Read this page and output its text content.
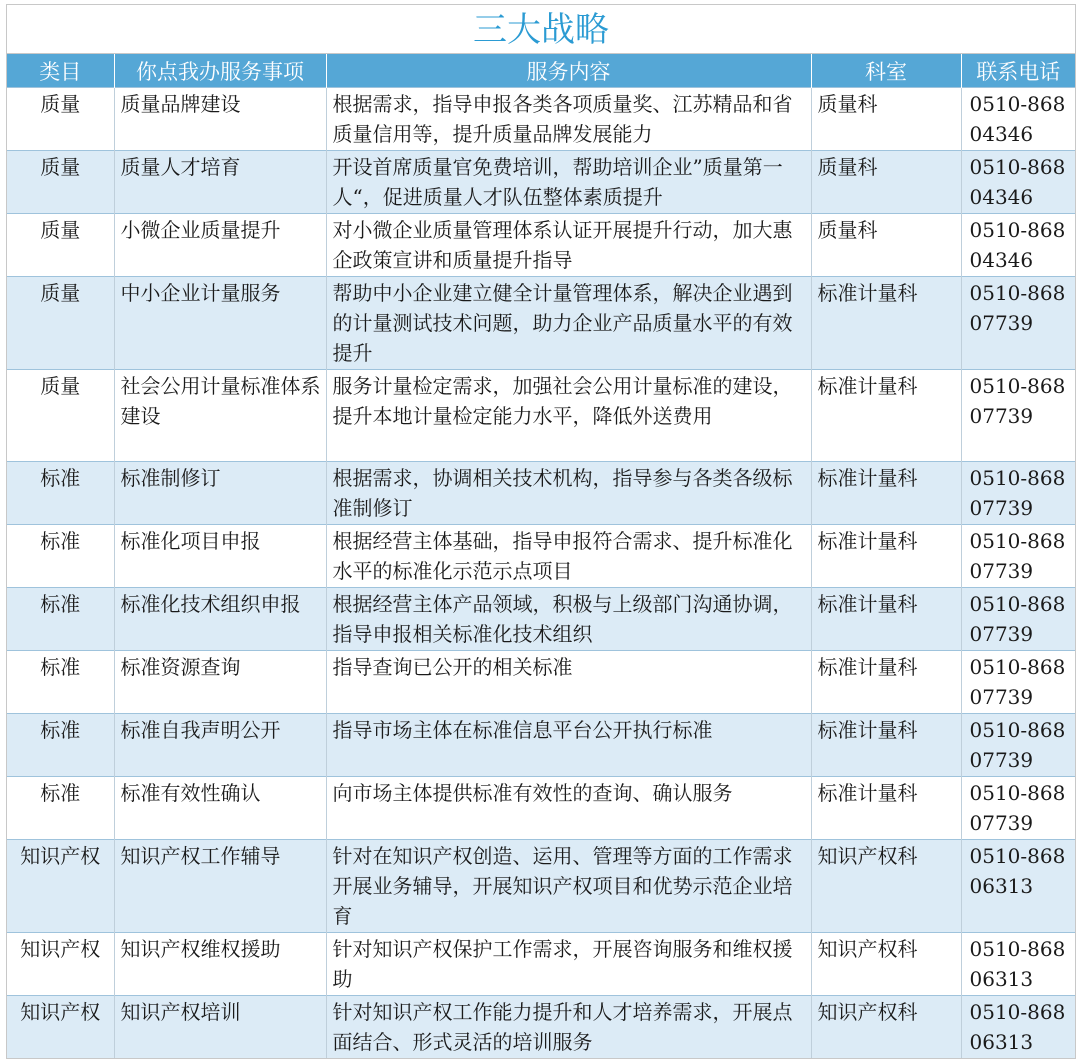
三大战略
类目	你点我办服务事项	服务内容	科室	联系电话
质量	质量品牌建设	根据需求，指导申报各类各项质量奖、江苏精品和省质量信用等，提升质量品牌发展能力	质量科	0510-86804346
质量	质量人才培育	开设首席质量官免费培训，帮助培训企业”质量第一人“，促进质量人才队伍整体素质提升	质量科	0510-86804346
质量	小微企业质量提升	对小微企业质量管理体系认证开展提升行动，加大惠企政策宣讲和质量提升指导	质量科	0510-86804346
质量	中小企业计量服务	帮助中小企业建立健全计量管理体系，解决企业遇到的计量测试技术问题，助力企业产品质量水平的有效提升	标准计量科	0510-86807739
质量	社会公用计量标准体系建设	服务计量检定需求，加强社会公用计量标准的建设，提升本地计量检定能力水平，降低外送费用	标准计量科	0510-86807739
标准	标准制修订	根据需求，协调相关技术机构，指导参与各类各级标准制修订	标准计量科	0510-86807739
标准	标准化项目申报	根据经营主体基础，指导申报符合需求、提升标准化水平的标准化示范示点项目	标准计量科	0510-86807739
标准	标准化技术组织申报	根据经营主体产品领域，积极与上级部门沟通协调，指导申报相关标准化技术组织	标准计量科	0510-86807739
标准	标准资源查询	指导查询已公开的相关标准	标准计量科	0510-86807739
标准	标准自我声明公开	指导市场主体在标准信息平台公开执行标准	标准计量科	0510-86807739
标准	标准有效性确认	向市场主体提供标准有效性的查询、确认服务	标准计量科	0510-86807739
知识产权	知识产权工作辅导	针对在知识产权创造、运用、管理等方面的工作需求开展业务辅导，开展知识产权项目和优势示范企业培育	知识产权科	0510-86806313
知识产权	知识产权维权援助	针对知识产权保护工作需求，开展咨询服务和维权援助	知识产权科	0510-86806313
知识产权	知识产权培训	针对知识产权工作能力提升和人才培养需求，开展点面结合、形式灵活的培训服务	知识产权科	0510-86806313
